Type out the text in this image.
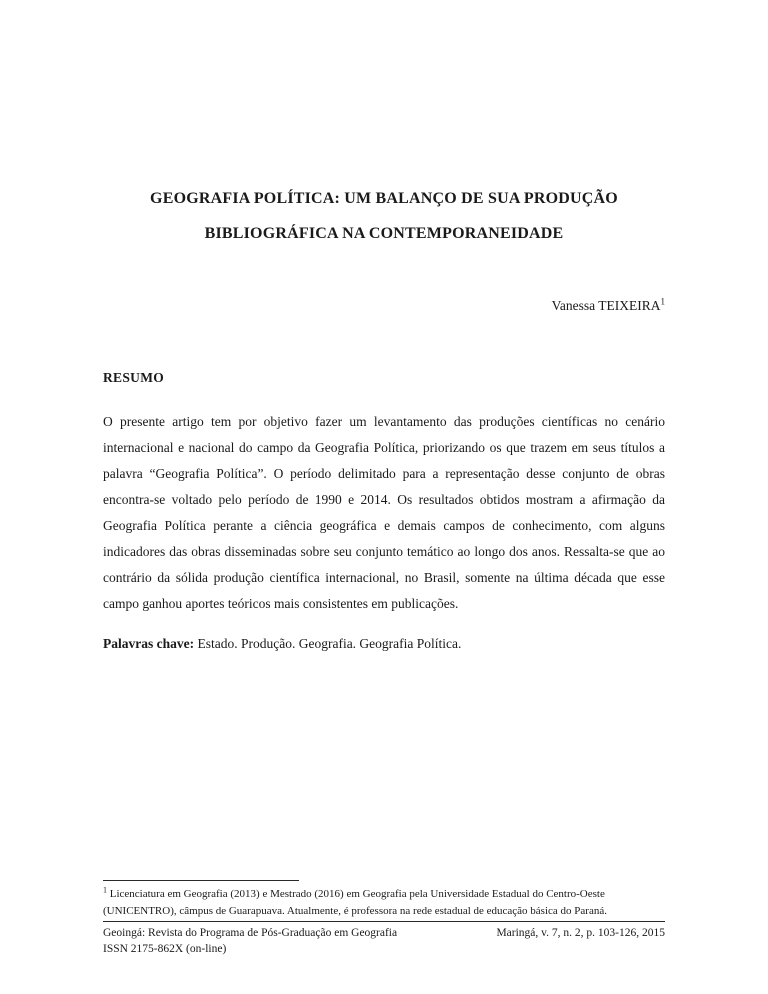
GEOGRAFIA POLÍTICA: UM BALANÇO DE SUA PRODUÇÃO BIBLIOGRÁFICA NA CONTEMPORANEIDADE
Vanessa TEIXEIRA$^1$
RESUMO

O presente artigo tem por objetivo fazer um levantamento das produções científicas no cenário internacional e nacional do campo da Geografia Política, priorizando os que trazem em seus títulos a palavra “Geografia Política”. O período delimitado para a representação desse conjunto de obras encontra-se voltado pelo período de 1990 e 2014. Os resultados obtidos mostram a afirmação da Geografia Política perante a ciência geográfica e demais campos de conhecimento, com alguns indicadores das obras disseminadas sobre seu conjunto temático ao longo dos anos. Ressalta-se que ao contrário da sólida produção científica internacional, no Brasil, somente na última década que esse campo ganhou aportes teóricos mais consistentes em publicações.

Palavras chave: Estado. Produção. Geografia. Geografia Política.
$^1$ Licenciatura em Geografia (2013) e Mestrado (2016) em Geografia pela Universidade Estadual do Centro-Oeste (UNICENTRO), câmpus de Guarapuava. Atualmente, é professora na rede estadual de educação básica do Paraná.
Geoingá: Revista do Programa de Pós-Graduação em Geografia	Maringá, v. 7, n. 2, p. 103-126, 2015
ISSN 2175-862X (on-line)
